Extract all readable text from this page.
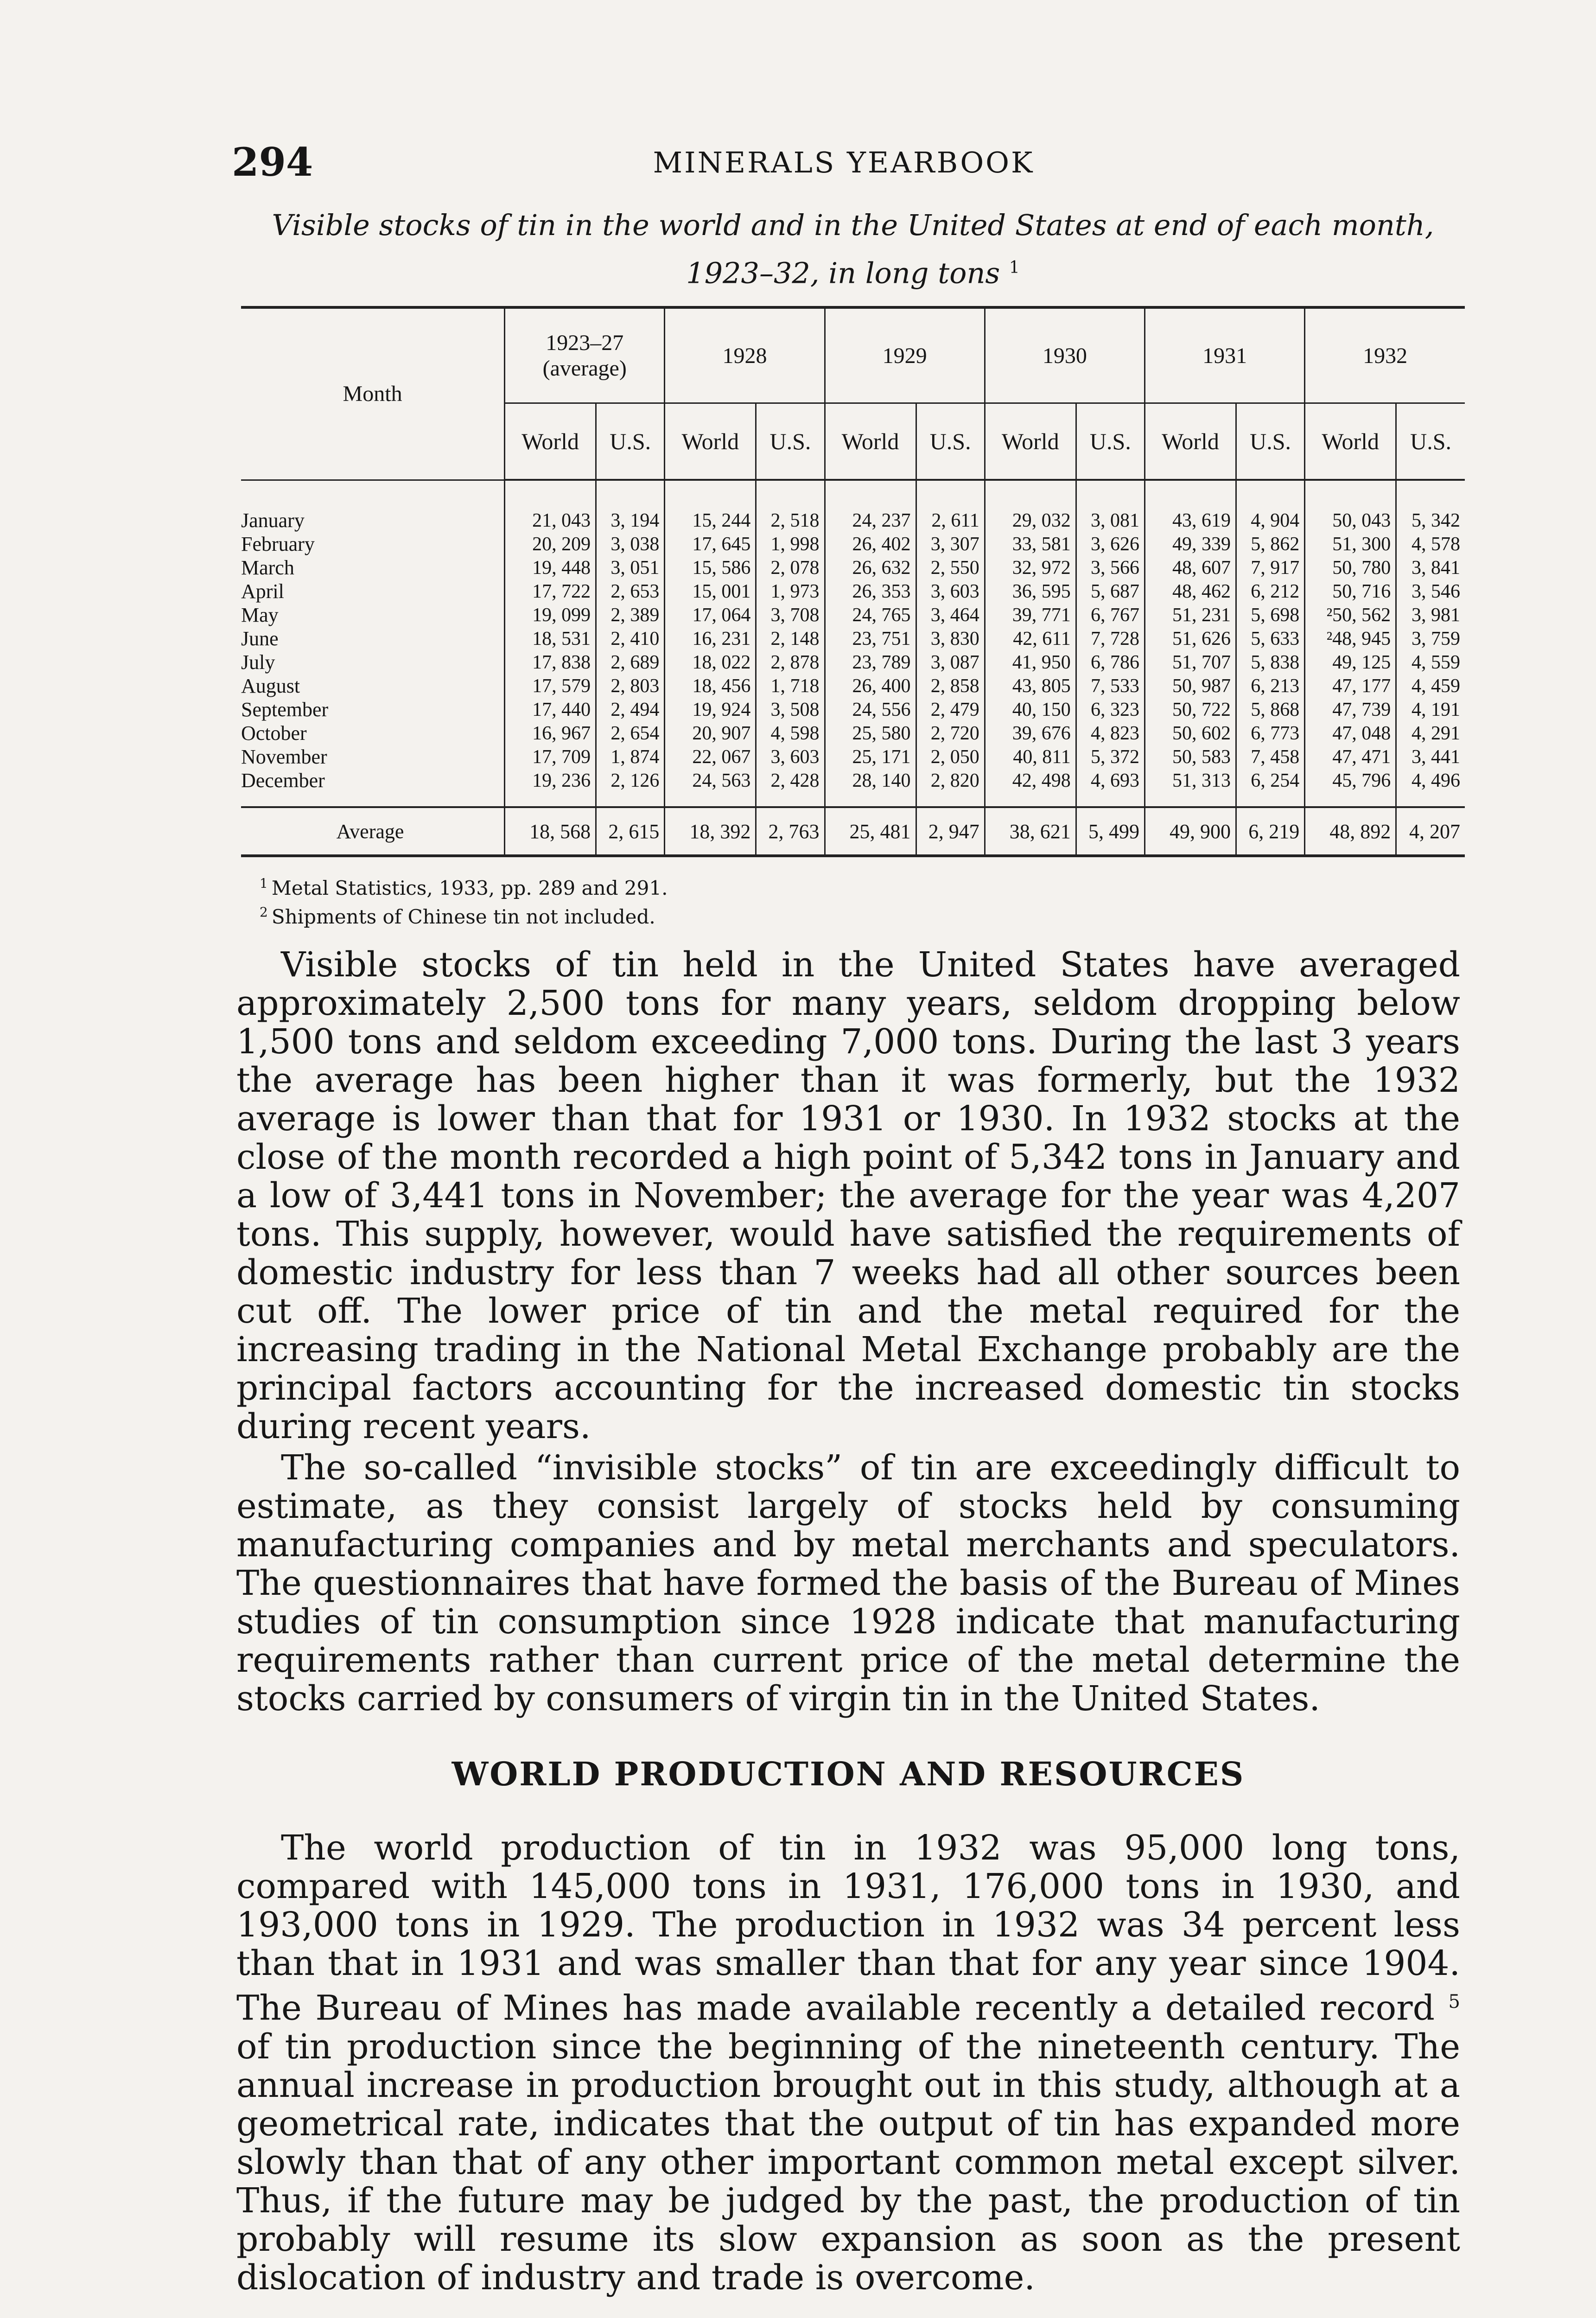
294	MINERALS YEARBOOK
Visible stocks of tin in the world and in the United States at end of each month,
1923–32, in long tons $^1$
Month	1923–27 (average)		1928		1929		1930		1931		1932	
	World	U.S.	World	U.S.	World	U.S.	World	U.S.	World	U.S.	World	U.S.

January	21, 043	3, 194	15, 244	2, 518	24, 237	2, 611	29, 032	3, 081	43, 619	4, 904	50, 043	5, 342
February	20, 209	3, 038	17, 645	1, 998	26, 402	3, 307	33, 581	3, 626	49, 339	5, 862	51, 300	4, 578
March	19, 448	3, 051	15, 586	2, 078	26, 632	2, 550	32, 972	3, 566	48, 607	7, 917	50, 780	3, 841
April	17, 722	2, 653	15, 001	1, 973	26, 353	3, 603	36, 595	5, 687	48, 462	6, 212	50, 716	3, 546
May	19, 099	2, 389	17, 064	3, 708	24, 765	3, 464	39, 771	6, 767	51, 231	5, 698	²50, 562	3, 981
June	18, 531	2, 410	16, 231	2, 148	23, 751	3, 830	42, 611	7, 728	51, 626	5, 633	²48, 945	3, 759
July	17, 838	2, 689	18, 022	2, 878	23, 789	3, 087	41, 950	6, 786	51, 707	5, 838	49, 125	4, 559
August	17, 579	2, 803	18, 456	1, 718	26, 400	2, 858	43, 805	7, 533	50, 987	6, 213	47, 177	4, 459
September	17, 440	2, 494	19, 924	3, 508	24, 556	2, 479	40, 150	6, 323	50, 722	5, 868	47, 739	4, 191
October	16, 967	2, 654	20, 907	4, 598	25, 580	2, 720	39, 676	4, 823	50, 602	6, 773	47, 048	4, 291
November	17, 709	1, 874	22, 067	3, 603	25, 171	2, 050	40, 811	5, 372	50, 583	7, 458	47, 471	3, 441
December	19, 236	2, 126	24, 563	2, 428	28, 140	2, 820	42, 498	4, 693	51, 313	6, 254	45, 796	4, 496

Average	18, 568	2, 615	18, 392	2, 763	25, 481	2, 947	38, 621	5, 499	49, 900	6, 219	48, 892	4, 207
$^1$ Metal Statistics, 1933, pp. 289 and 291.
$^2$ Shipments of Chinese tin not included.

Visible stocks of tin held in the United States have averaged approximately 2,500 tons for many years, seldom dropping below 1,500 tons and seldom exceeding 7,000 tons. During the last 3 years the average has been higher than it was formerly, but the 1932 average is lower than that for 1931 or 1930. In 1932 stocks at the close of the month recorded a high point of 5,342 tons in January and a low of 3,441 tons in November; the average for the year was 4,207 tons. This supply, however, would have satisfied the requirements of domestic industry for less than 7 weeks had all other sources been cut off. The lower price of tin and the metal required for the increasing trading in the National Metal Exchange probably are the principal factors accounting for the increased domestic tin stocks during recent years.

The so-called “invisible stocks” of tin are exceedingly difficult to estimate, as they consist largely of stocks held by consuming manufacturing companies and by metal merchants and speculators. The questionnaires that have formed the basis of the Bureau of Mines studies of tin consumption since 1928 indicate that manufacturing requirements rather than current price of the metal determine the stocks carried by consumers of virgin tin in the United States.

WORLD PRODUCTION AND RESOURCES

The world production of tin in 1932 was 95,000 long tons, compared with 145,000 tons in 1931, 176,000 tons in 1930, and 193,000 tons in 1929. The production in 1932 was 34 percent less than that in 1931 and was smaller than that for any year since 1904. The Bureau of Mines has made available recently a detailed record $^5$ of tin production since the beginning of the nineteenth century. The annual increase in production brought out in this study, although at a geometrical rate, indicates that the output of tin has expanded more slowly than that of any other important common metal except silver. Thus, if the future may be judged by the past, the production of tin probably will resume its slow expansion as soon as the present dislocation of industry and trade is overcome.
